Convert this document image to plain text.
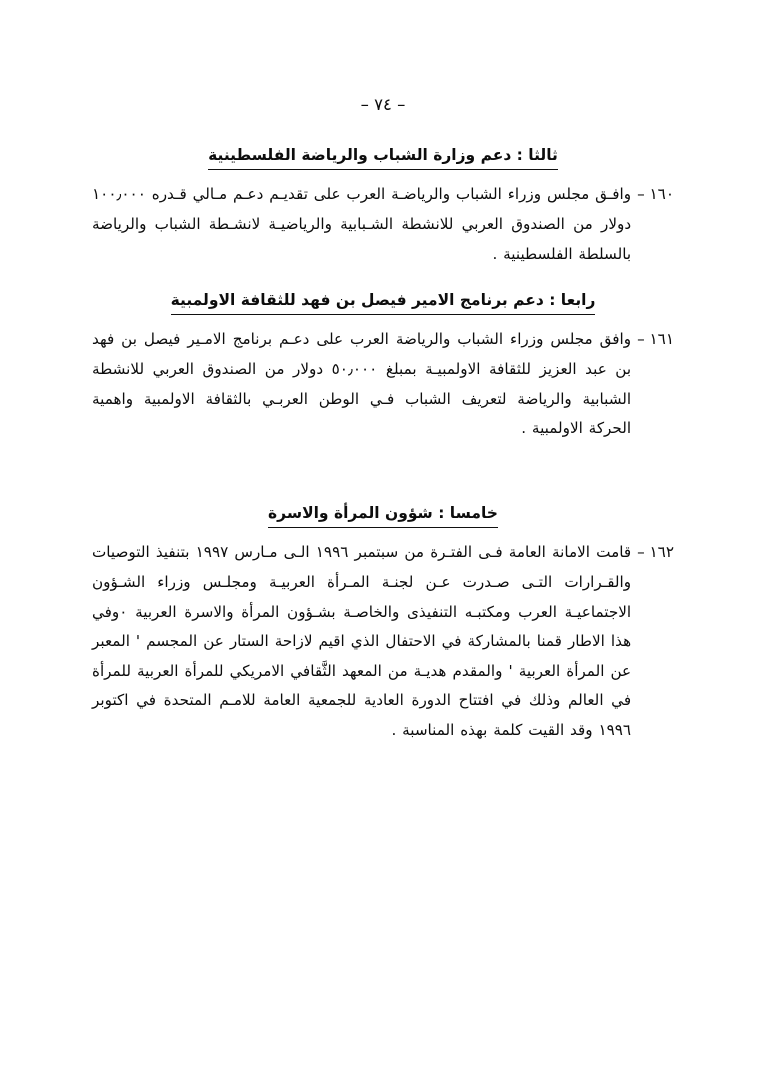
– ٧٤ –
ثالثا : دعم وزارة الشباب والرياضة الفلسطينية
١٦٠ –
وافـق مجلس وزراء الشباب والرياضـة العرب على تقديـم دعـم مـالي قـدره ١٠٠٫٠٠٠ دولار من الصندوق العربي للانشطة الشـبابية والرياضيـة لانشـطة الشباب والرياضة بالسلطة الفلسطينية .
رابعا : دعم برنامج الامير فيصل بن فهد للثقافة الاولمبية
١٦١ –
وافق مجلس وزراء الشباب والرياضة العرب على دعـم برنامج الامـير فيصل بن فهد بن عبد العزيز للثقافة الاولمبيـة بمبلغ ٥٠٫٠٠٠ دولار من الصندوق العربي للانشطة الشبابية والرياضة لتعريف الشباب فـي الوطن العربـي بالثقافة الاولمبية واهمية الحركة الاولمبية .
خامسا : شؤون المرأة والاسرة
١٦٢ –
قامت الامانة العامة فـى الفتـرة من سبتمبر ١٩٩٦ الـى مـارس ١٩٩٧ بتنفيذ التوصيات والقـرارات التـى صـدرت عـن لجنـة المـرأة العربيـة ومجلـس وزراء الشـؤون الاجتماعيـة العرب ومكتبـه التنفيذى والخاصـة بشـؤون المرأة والاسرة العربية ٠وفي هذا الاطار قمنا بالمشاركة في الاحتفال الذي اقيم لازاحة الستار عن المجسم ' المعبر عن المرأة العربية ' والمقدم هديـة من المعهد الثَّقافي الامريكي للمرأة العربية للمرأة في العالم وذلك في افتتاح الدورة العادية للجمعية العامة للامـم المتحدة في اكتوبر ١٩٩٦ وقد القيت كلمة بهذه المناسبة .
